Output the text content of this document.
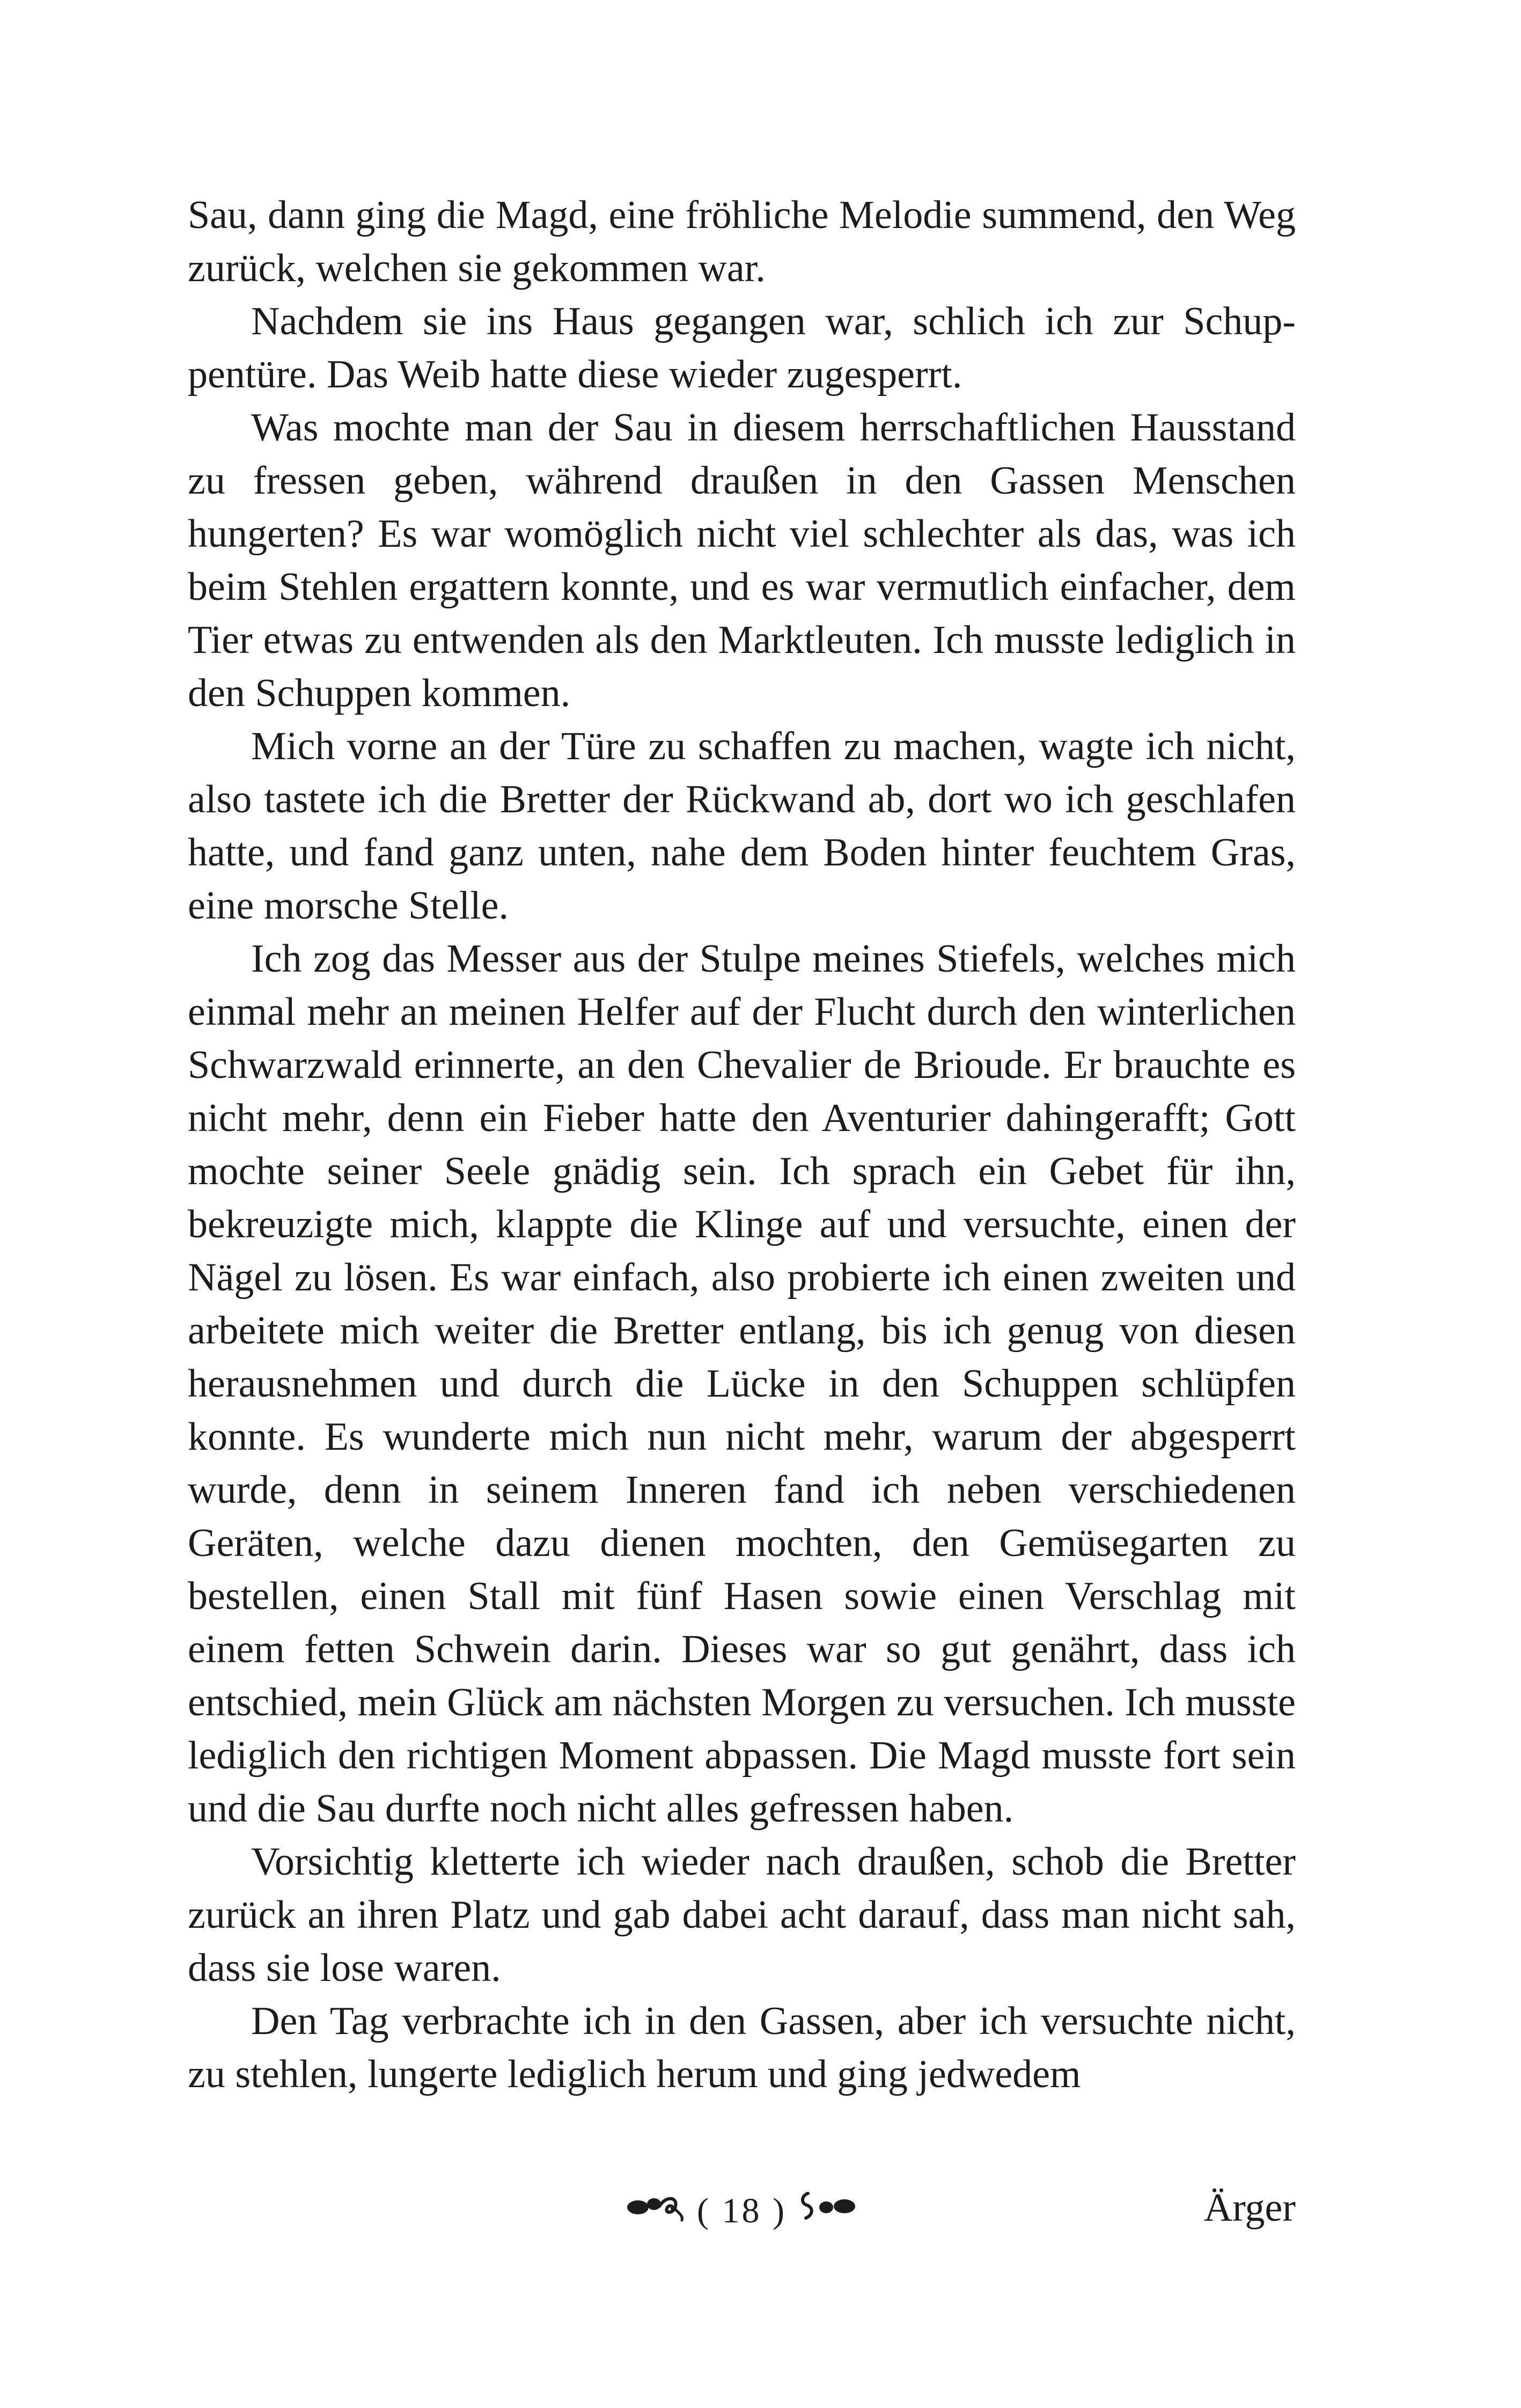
Sau, dann ging die Magd, eine fröhliche Melodie summend, den Weg zurück, welchen sie gekommen war.

Nachdem sie ins Haus gegangen war, schlich ich zur Schuppentüre. Das Weib hatte diese wieder zugesperrt.

Was mochte man der Sau in diesem herrschaftlichen Hausstand zu fressen geben, während draußen in den Gassen Menschen hungerten? Es war womöglich nicht viel schlechter als das, was ich beim Stehlen ergattern konnte, und es war vermutlich einfacher, dem Tier etwas zu entwenden als den Marktleuten. Ich musste lediglich in den Schuppen kommen.

Mich vorne an der Türe zu schaffen zu machen, wagte ich nicht, also tastete ich die Bretter der Rückwand ab, dort wo ich geschlafen hatte, und fand ganz unten, nahe dem Boden hinter feuchtem Gras, eine morsche Stelle.

Ich zog das Messer aus der Stulpe meines Stiefels, welches mich einmal mehr an meinen Helfer auf der Flucht durch den winterlichen Schwarzwald erinnerte, an den Chevalier de Brioude. Er brauchte es nicht mehr, denn ein Fieber hatte den Aventurier dahingerafft; Gott mochte seiner Seele gnädig sein. Ich sprach ein Gebet für ihn, bekreuzigte mich, klappte die Klinge auf und versuchte, einen der Nägel zu lösen. Es war einfach, also probierte ich einen zweiten und arbeitete mich weiter die Bretter entlang, bis ich genug von diesen herausnehmen und durch die Lücke in den Schuppen schlüpfen konnte. Es wunderte mich nun nicht mehr, warum der abgesperrt wurde, denn in seinem Inneren fand ich neben verschiedenen Geräten, welche dazu dienen mochten, den Gemüsegarten zu bestellen, einen Stall mit fünf Hasen sowie einen Verschlag mit einem fetten Schwein darin. Dieses war so gut genährt, dass ich entschied, mein Glück am nächsten Morgen zu versuchen. Ich musste lediglich den richtigen Moment abpassen. Die Magd musste fort sein und die Sau durfte noch nicht alles gefressen haben.

Vorsichtig kletterte ich wieder nach draußen, schob die Bretter zurück an ihren Platz und gab dabei acht darauf, dass man nicht sah, dass sie lose waren.

Den Tag verbrachte ich in den Gassen, aber ich versuchte nicht, zu stehlen, lungerte lediglich herum und ging jedwedem

( 18 )	Ärger
